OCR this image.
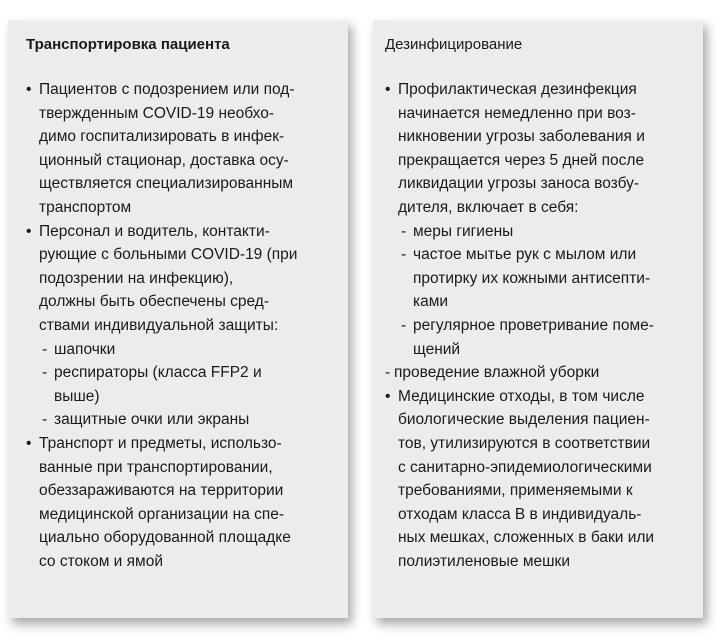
Транспортировка пациента

• Пациентов с подозрением или под-
твержденным COVID-19 необхо-
димо госпитализировать в инфек-
ционный стационар, доставка осу-
ществляется специализированным
транспортом

• Персонал и водитель, контакти-
рующие с больными COVID-19 (при
подозрении на инфекцию),
должны быть обеспечены сред-
ствами индивидуальной защиты:

- шапочки

- респираторы (класса FFP2 и
выше)

- защитные очки или экраны

• Транспорт и предметы, использо-
ванные при транспортировании,
обеззараживаются на территории
медицинской организации на спе-
циально оборудованной площадке
со стоком и ямой

Дезинфицирование

• Профилактическая дезинфекция
начинается немедленно при воз-
никновении угрозы заболевания и
прекращается через 5 дней после
ликвидации угрозы заноса возбу-
дителя, включает в себя:

- меры гигиены

- частое мытье рук с мылом или
протирку их кожными антисепти-
ками

- регулярное проветривание поме-
щений

- проведение влажной уборки

• Медицинские отходы, в том числе
биологические выделения пациен-
тов, утилизируются в соответствии
с санитарно-эпидемиологическими
требованиями, применяемыми к
отходам класса В в индивидуаль-
ных мешках, сложенных в баки или
полиэтиленовые мешки
